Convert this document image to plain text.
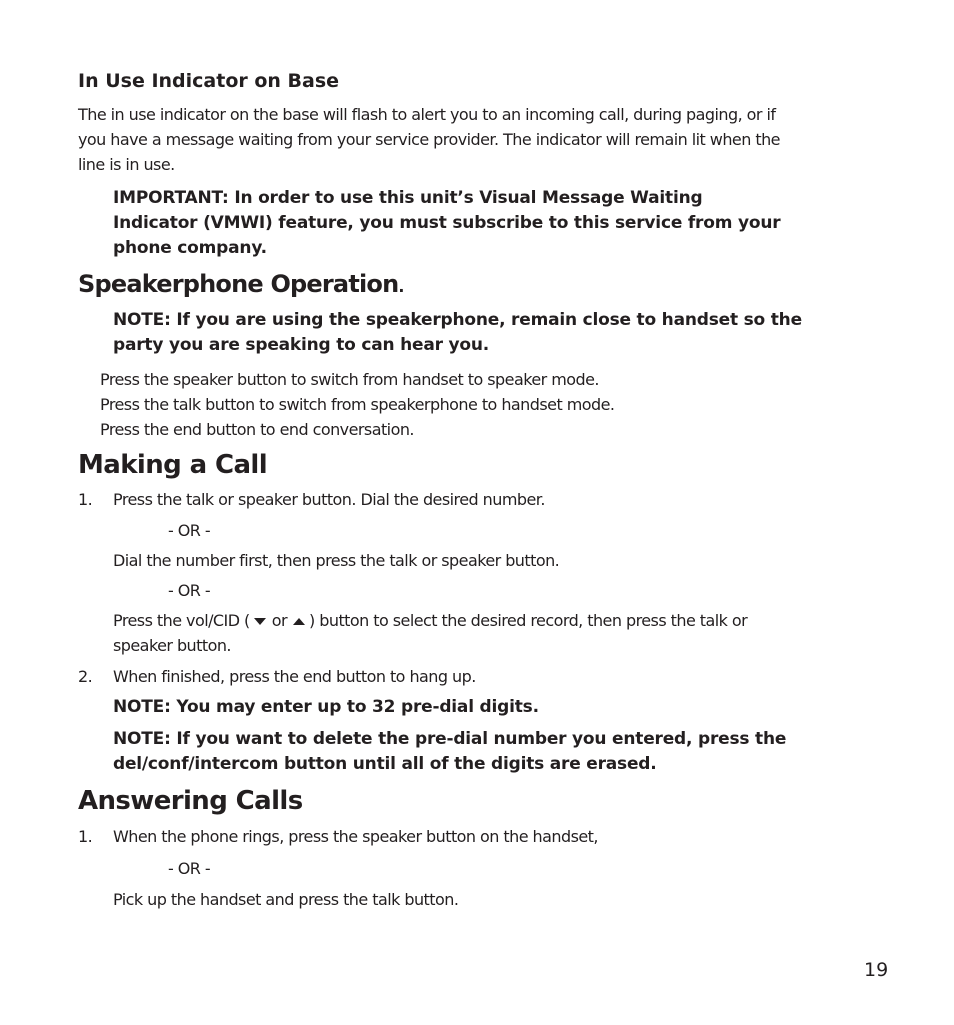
In Use Indicator on Base
The in use indicator on the base will flash to alert you to an incoming call, during paging, or if
you have a message waiting from your service provider. The indicator will remain lit when the
line is in use.
IMPORTANT: In order to use this unit’s Visual Message Waiting
Indicator (VMWI) feature, you must subscribe to this service from your
phone company.
Speakerphone Operation.
NOTE: If you are using the speakerphone, remain close to handset so the
party you are speaking to can hear you.
Press the speaker button to switch from handset to speaker mode.
Press the talk button to switch from speakerphone to handset mode.
Press the end button to end conversation.
Making a Call
1. Press the talk or speaker button. Dial the desired number.
- OR -
Dial the number first, then press the talk or speaker button.
- OR -
Press the vol/CID ( or ) button to select the desired record, then press the talk or
speaker button.
2. When finished, press the end button to hang up.
NOTE: You may enter up to 32 pre-dial digits.
NOTE: If you want to delete the pre-dial number you entered, press the
del/conf/intercom button until all of the digits are erased.
Answering Calls
1. When the phone rings, press the speaker button on the handset,
- OR -
Pick up the handset and press the talk button.
19
